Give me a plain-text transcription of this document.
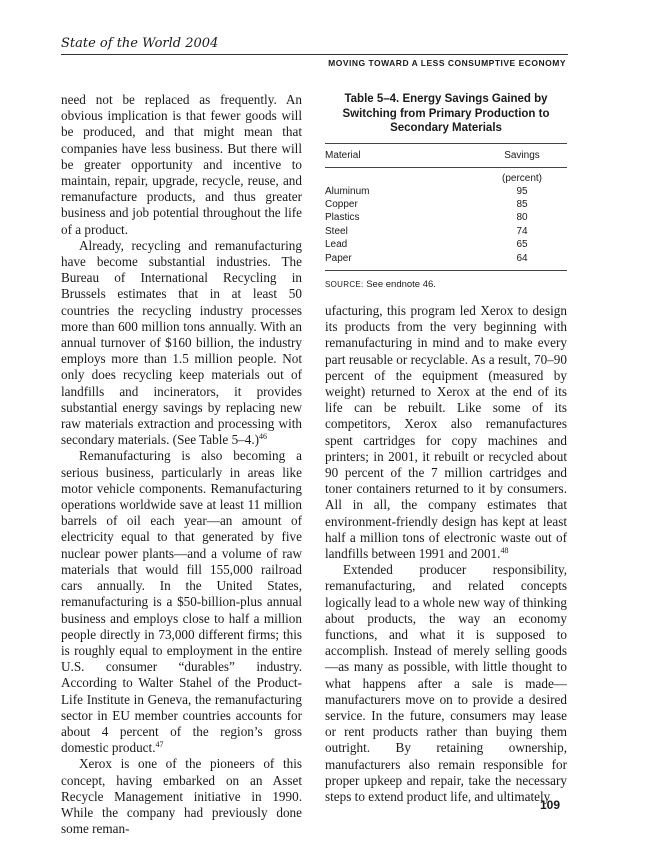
State of the World 2004
MOVING TOWARD A LESS CONSUMPTIVE ECONOMY

need not be replaced as frequently. An obvious implication is that fewer goods will be produced, and that might mean that companies have less business. But there will be greater opportunity and incentive to maintain, repair, upgrade, recycle, reuse, and remanufacture products, and thus greater business and job potential throughout the life of a product.

Already, recycling and remanufacturing have become substantial industries. The Bureau of International Recycling in Brussels estimates that in at least 50 countries the recycling industry processes more than 600 million tons annually. With an annual turnover of $160 billion, the industry employs more than 1.5 million people. Not only does recycling keep materials out of landfills and incinerators, it provides substantial energy savings by replacing new raw materials extraction and processing with secondary materials. (See Table 5–4.)$^{46}$

Remanufacturing is also becoming a serious business, particularly in areas like motor vehicle components. Remanufacturing operations worldwide save at least 11 million barrels of oil each year—an amount of electricity equal to that generated by five nuclear power plants—and a volume of raw materials that would fill 155,000 railroad cars annually. In the United States, remanufacturing is a $50-billion-plus annual business and employs close to half a million people directly in 73,000 different firms; this is roughly equal to employment in the entire U.S. consumer “durables” industry. According to Walter Stahel of the Product-Life Institute in Geneva, the remanufacturing sector in EU member countries accounts for about 4 percent of the region’s gross domestic product.$^{47}$

Xerox is one of the pioneers of this concept, having embarked on an Asset Recycle Management initiative in 1990. While the company had previously done some reman-

Table 5–4. Energy Savings Gained by Switching from Primary Production to Secondary Materials
Material	Savings
(percent)
Aluminum	95
Copper	85
Plastics	80
Steel	74
Lead	65
Paper	64
SOURCE: See endnote 46.

ufacturing, this program led Xerox to design its products from the very beginning with remanufacturing in mind and to make every part reusable or recyclable. As a result, 70–90 percent of the equipment (measured by weight) returned to Xerox at the end of its life can be rebuilt. Like some of its competitors, Xerox also remanufactures spent cartridges for copy machines and printers; in 2001, it rebuilt or recycled about 90 percent of the 7 million cartridges and toner containers returned to it by consumers. All in all, the company estimates that environment-friendly design has kept at least half a million tons of electronic waste out of landfills between 1991 and 2001.48

Extended producer responsibility, remanufacturing, and related concepts logically lead to a whole new way of thinking about products, the way an economy functions, and what it is supposed to accomplish. Instead of merely selling goods—as many as possible, with little thought to what happens after a sale is made—manufacturers move on to provide a desired service. In the future, consumers may lease or rent products rather than buying them outright. By retaining ownership, manufacturers also remain responsible for proper upkeep and repair, take the necessary steps to extend product life, and ultimately

109
